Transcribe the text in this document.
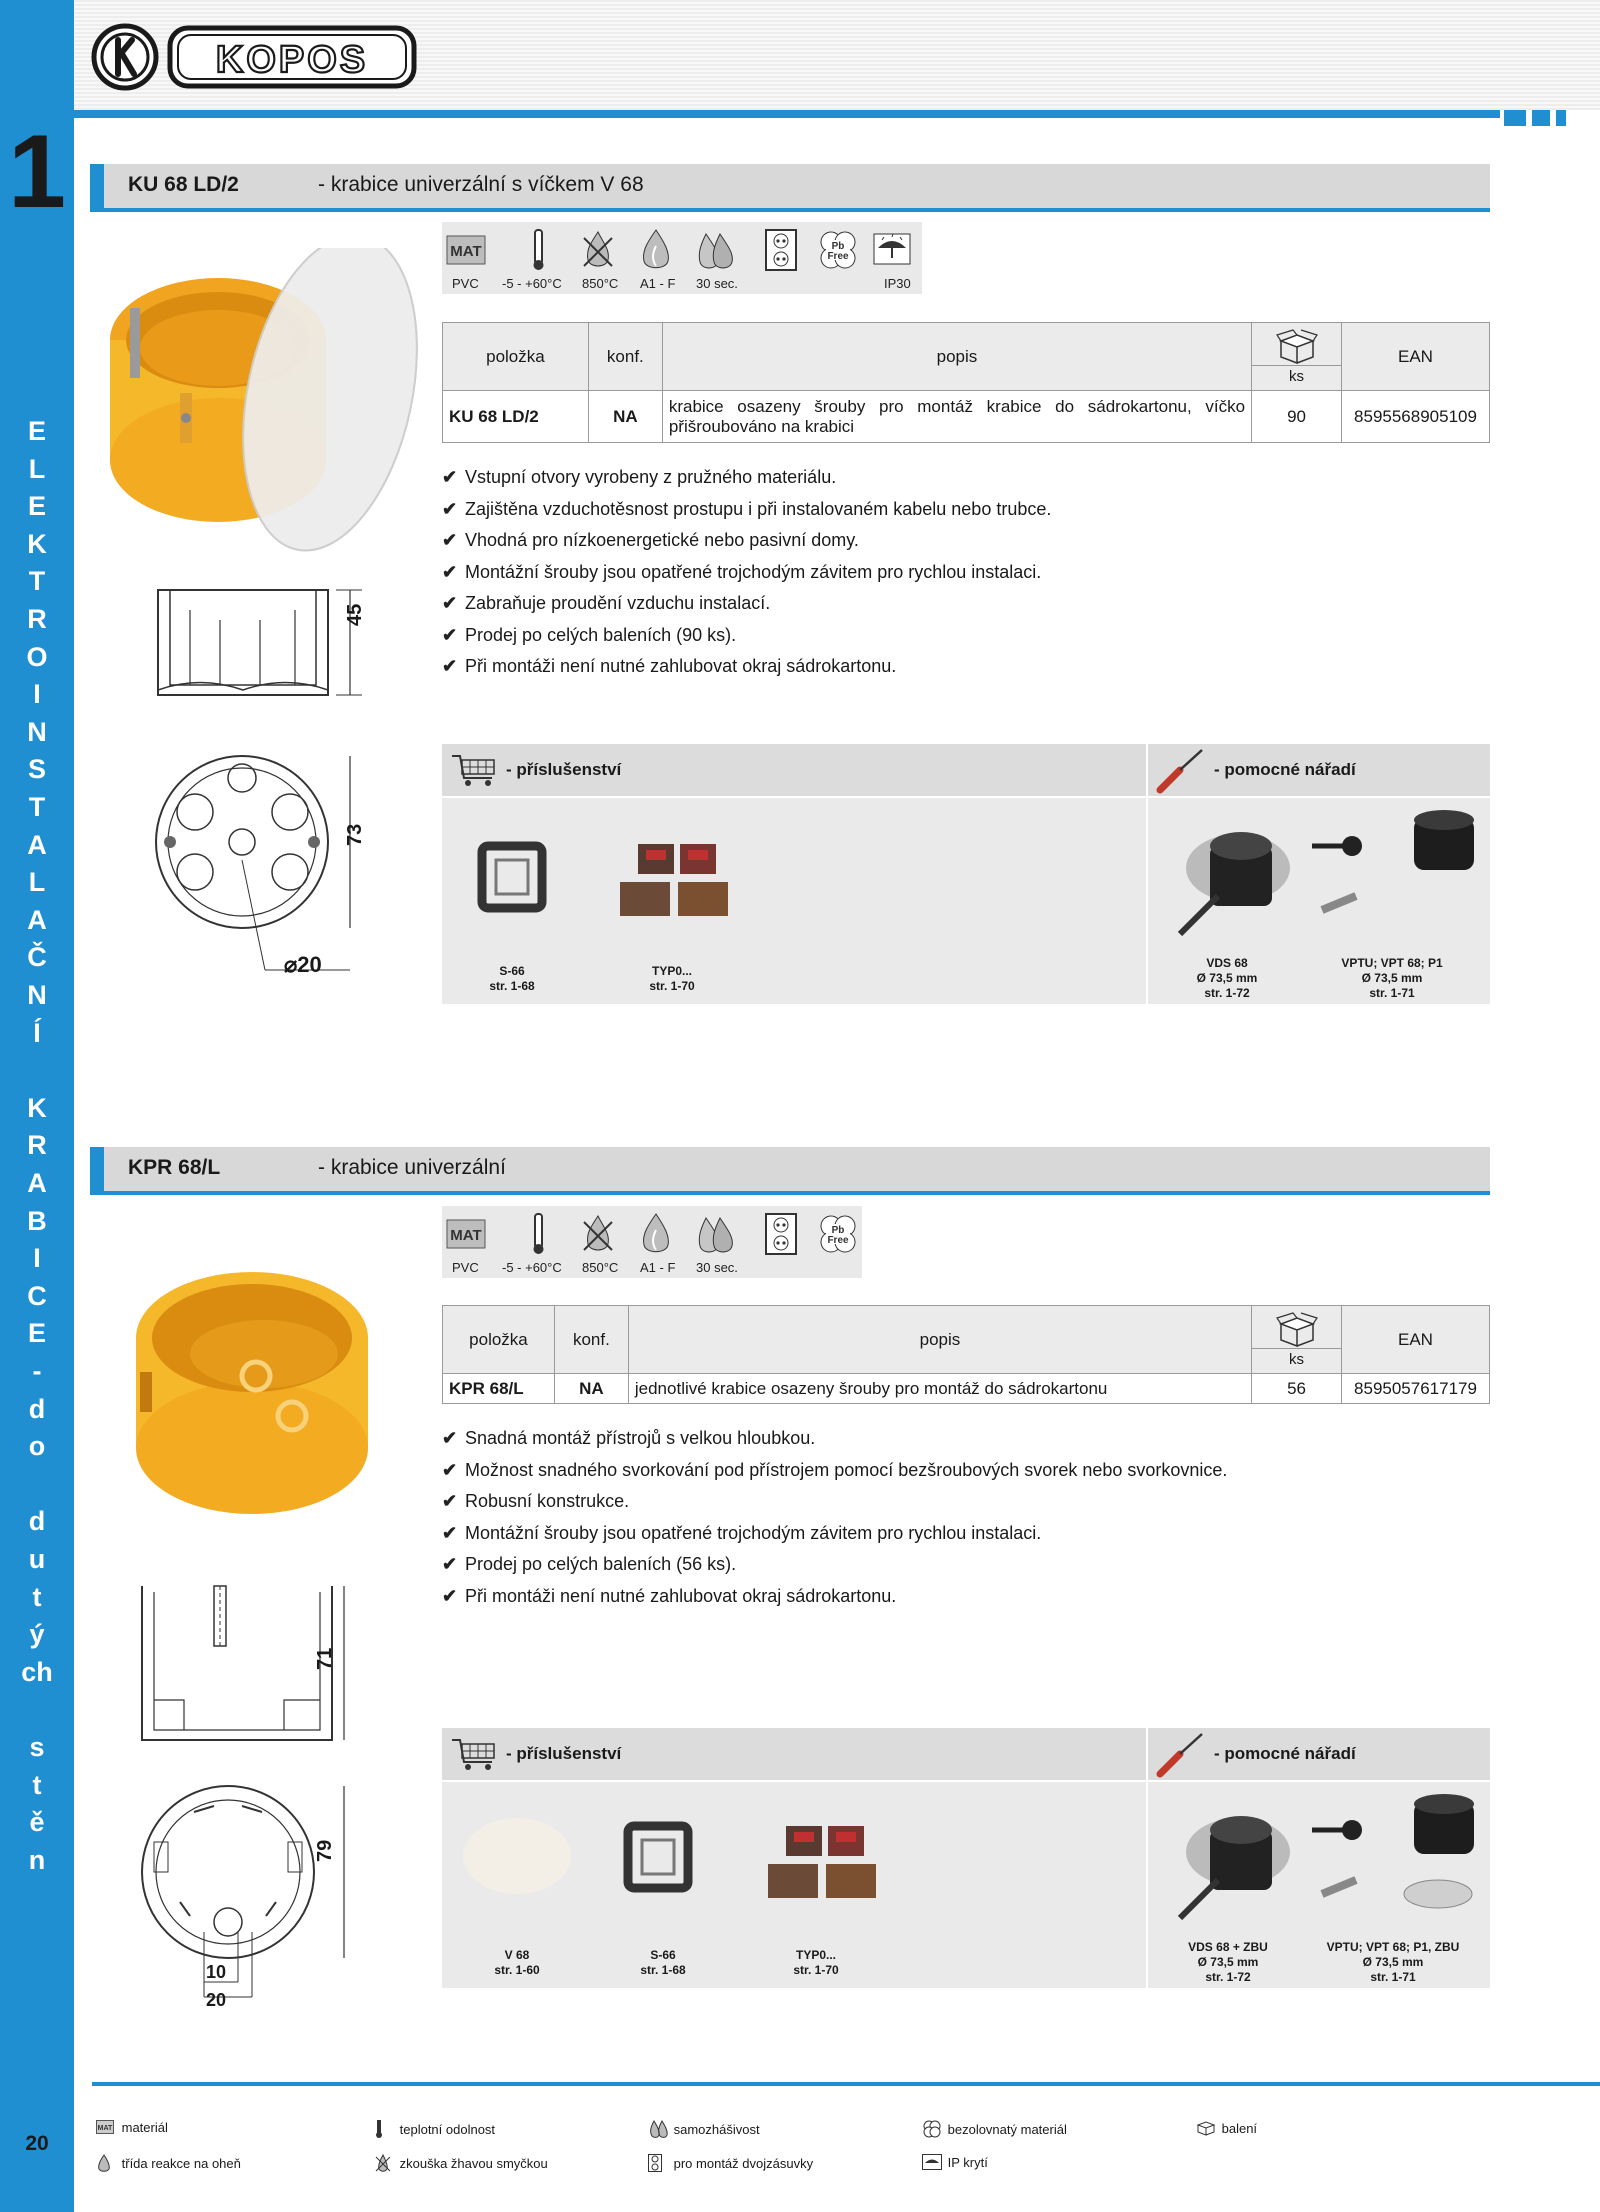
1
E
L
E
K
T
R
O
I
N
S
T
A
L
A
Č
N
Í
K
R
A
B
I
C
E
-
d
o
d
u
t
ý
ch
s
t
ě
n
20
KOPOS
KU 68 LD/2	- krabice univerzální s víčkem V 68
45
73
⌀20
MAT	Pb
Free
PVC -5 - +60°C 850°C A1 - F 30 sec.	IP30
položka	konf.	popis	ks	EAN
KU 68 LD/2	NA	krabice osazeny šrouby pro montáž krabice do sádrokartonu, víčko
přišroubováno na krabici	90	8595568905109
✔ Vstupní otvory vyrobeny z pružného materiálu.
✔ Zajištěna vzduchotěsnost prostupu i při instalovaném kabelu nebo trubce.
✔ Vhodná pro nízkoenergetické nebo pasivní domy.
✔ Montážní šrouby jsou opatřené trojchodým závitem pro rychlou instalaci.
✔ Zabraňuje proudění vzduchu instalací.
✔ Prodej po celých baleních (90 ks).
✔ Při montáži není nutné zahlubovat okraj sádrokartonu.
- příslušenství	- pomocné nářadí
S-66
str. 1-68
TYP0...
str. 1-70
VDS 68
Ø 73,5 mm
str. 1-72
VPTU; VPT 68; P1
Ø 73,5 mm
str. 1-71
KPR 68/L	- krabice univerzální
71
79
10
20
MAT	Pb
Free
PVC -5 - +60°C 850°C A1 - F 30 sec.
položka	konf.	popis	ks	EAN
KPR 68/L	NA	jednotlivé krabice osazeny šrouby pro montáž do sádrokartonu	56	8595057617179
✔ Snadná montáž přístrojů s velkou hloubkou.
✔ Možnost snadného svorkování pod přístrojem pomocí bezšroubových svorek nebo svorkovnice.
✔ Robusní konstrukce.
✔ Montážní šrouby jsou opatřené trojchodým závitem pro rychlou instalaci.
✔ Prodej po celých baleních (56 ks).
✔ Při montáži není nutné zahlubovat okraj sádrokartonu.
- příslušenství	- pomocné nářadí
V 68
str. 1-60
S-66
str. 1-68
TYP0...
str. 1-70
VDS 68 + ZBU
Ø 73,5 mm
str. 1-72
VPTU; VPT 68; P1, ZBU
Ø 73,5 mm
str. 1-71
MAT materiál	teplotní odolnost	samozhášivost	bezolovnatý materiál	balení
třída reakce na oheň	zkouška žhavou smyčkou	pro montáž dvojzásuvky	IP krytí
